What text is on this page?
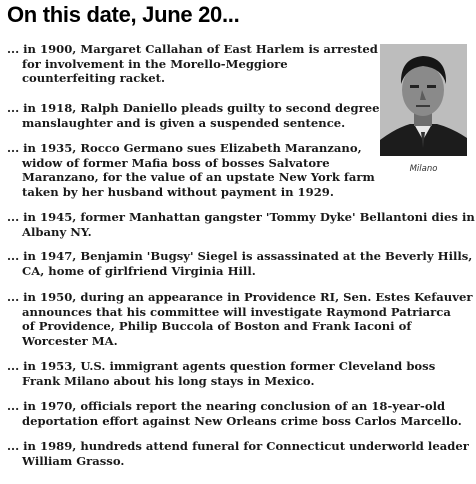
On this date, June 20...
... in 1900, Margaret Callahan of East Harlem is arrested
for involvement in the Morello-Meggiore
counterfeiting racket.
... in 1918, Ralph Daniello pleads guilty to second degree
manslaughter and is given a suspended sentence.
... in 1935, Rocco Germano sues Elizabeth Maranzano,
widow of former Mafia boss of bosses Salvatore
Maranzano, for the value of an upstate New York farm
taken by her husband without payment in 1929.
... in 1945, former Manhattan gangster 'Tommy Dyke' Bellantoni dies in
Albany NY.
... in 1947, Benjamin 'Bugsy' Siegel is assassinated at the Beverly Hills,
CA, home of girlfriend Virginia Hill.
... in 1950, during an appearance in Providence RI, Sen. Estes Kefauver
announces that his committee will investigate Raymond Patriarca
of Providence, Philip Buccola of Boston and Frank Iaconi of
Worcester MA.
... in 1953, U.S. immigrant agents question former Cleveland boss
Frank Milano about his long stays in Mexico.
... in 1970, officials report the nearing conclusion of an 18-year-old
deportation effort against New Orleans crime boss Carlos Marcello.
... in 1989, hundreds attend funeral for Connecticut underworld leader
William Grasso.
Milano
